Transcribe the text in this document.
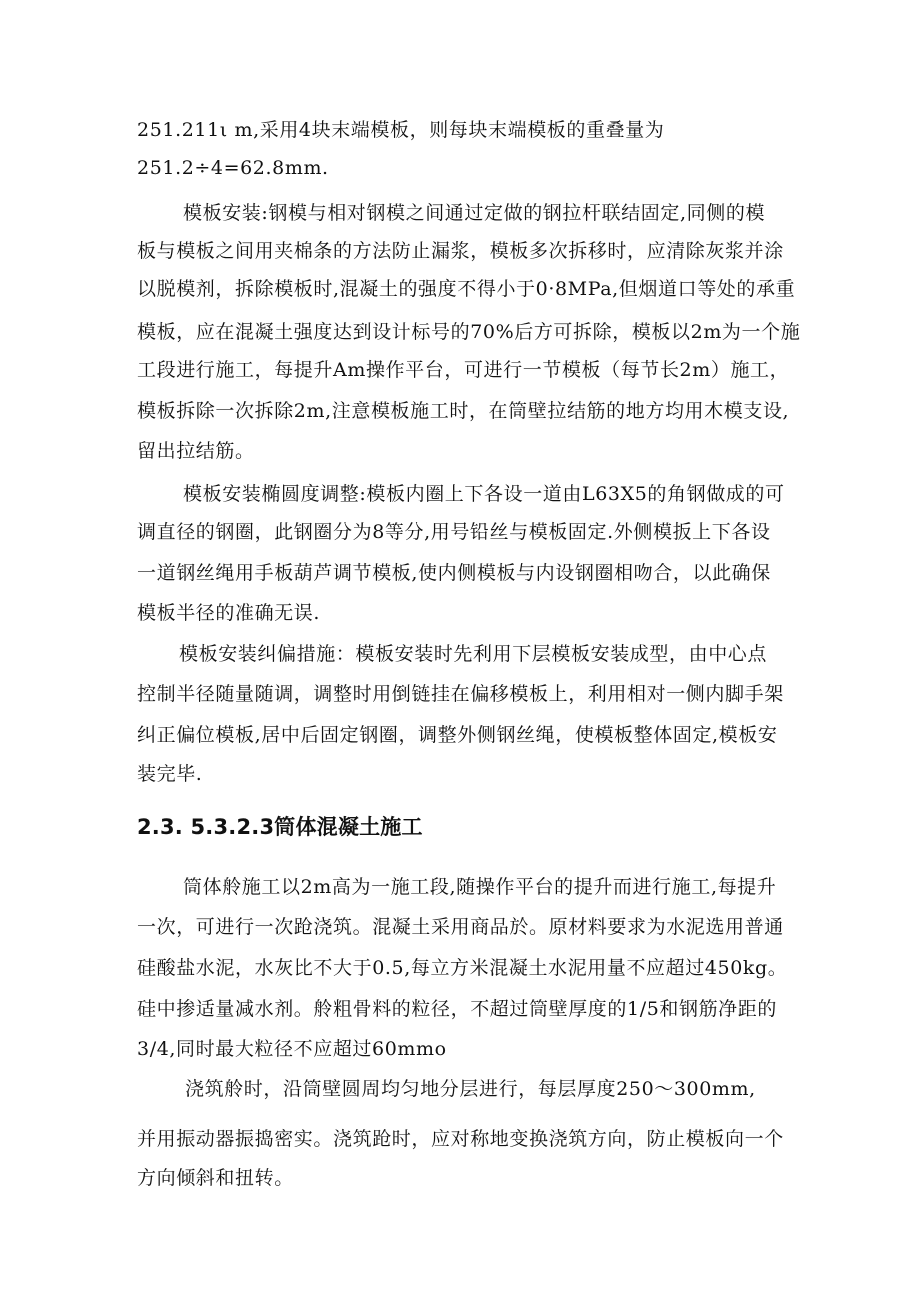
251.211ι m,采用4块末端模板，则每块末端模板的重叠量为
251.2÷4=62.8mm.
模板安装:钢模与相对钢模之间通过定做的钢拉杆联结固定,同侧的模
板与模板之间用夹棉条的方法防止漏浆，模板多次拆移时，应清除灰浆并涂
以脱模剂，拆除模板时,混凝土的强度不得小于0·8MPa,但烟道口等处的承重
模板，应在混凝土强度达到设计标号的70%后方可拆除，模板以2m为一个施
工段进行施工，每提升Am操作平台，可进行一节模板（每节长2m）施工，
模板拆除一次拆除2m,注意模板施工时，在筒壁拉结筋的地方均用木模支设,
留出拉结筋。
模板安装椭圆度调整:模板内圈上下各设一道由L63X5的角钢做成的可
调直径的钢圈，此钢圈分为8等分,用号铅丝与模板固定.外侧模扳上下各设
一道钢丝绳用手板葫芦调节模板,使内侧模板与内设钢圈相吻合，以此确保
模板半径的准确无误.
模板安装纠偏措施：模板安装时先利用下层模板安装成型，由中心点
控制半径随量随调，调整时用倒链挂在偏移模板上，利用相对一侧内脚手架
纠正偏位模板,居中后固定钢圈，调整外侧钢丝绳，使模板整体固定,模板安
装完毕.
2.3. 5.3.2.3筒体混凝土施工
筒体舲施工以2m高为一施工段,随操作平台的提升而进行施工,每提升
一次，可进行一次跄浇筑。混凝土采用商品於。原材料要求为水泥选用普通
硅酸盐水泥，水灰比不大于0.5,每立方米混凝土水泥用量不应超过450kg。
硅中掺适量减水剂。舲粗骨料的粒径，不超过筒壁厚度的1/5和钢筋净距的
3/4,同时最大粒径不应超过60mmo
浇筑舲时，沿筒壁圆周均匀地分层进行，每层厚度250～300mm,
并用振动器振捣密实。浇筑跄时，应对称地变换浇筑方向，防止模板向一个
方向倾斜和扭转。
